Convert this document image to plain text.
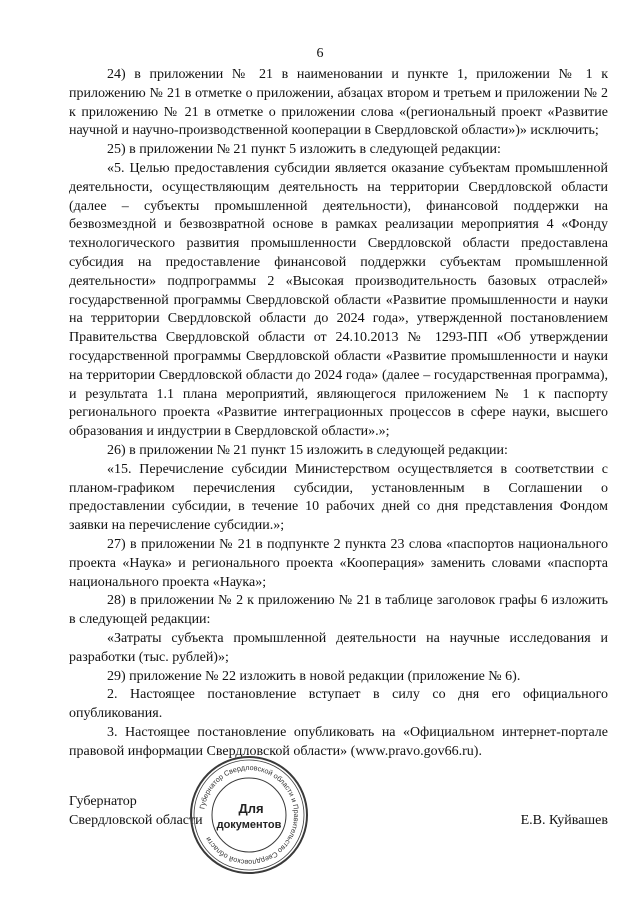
6

24) в приложении № 21 в наименовании и пункте 1, приложении № 1 к приложению № 21 в отметке о приложении, абзацах втором и третьем и приложении № 2 к приложению № 21 в отметке о приложении слова «(региональный проект «Развитие научной и научно-производственной кооперации в Свердловской области»)» исключить;

25) в приложении № 21 пункт 5 изложить в следующей редакции:

«5. Целью предоставления субсидии является оказание субъектам промышленной деятельности, осуществляющим деятельность на территории Свердловской области (далее – субъекты промышленной деятельности), финансовой поддержки на безвозмездной и безвозвратной основе в рамках реализации мероприятия 4 «Фонду технологического развития промышленности Свердловской области предоставлена субсидия на предоставление финансовой поддержки субъектам промышленной деятельности» подпрограммы 2 «Высокая производительность базовых отраслей» государственной программы Свердловской области «Развитие промышленности и науки на территории Свердловской области до 2024 года», утвержденной постановлением Правительства Свердловской области от 24.10.2013 № 1293-ПП «Об утверждении государственной программы Свердловской области «Развитие промышленности и науки на территории Свердловской области до 2024 года» (далее – государственная программа), и результата 1.1 плана мероприятий, являющегося приложением № 1 к паспорту регионального проекта «Развитие интеграционных процессов в сфере науки, высшего образования и индустрии в Свердловской области».»;

26) в приложении № 21 пункт 15 изложить в следующей редакции:

«15. Перечисление субсидии Министерством осуществляется в соответствии с планом-графиком перечисления субсидии, установленным в Соглашении о предоставлении субсидии, в течение 10 рабочих дней со дня представления Фондом заявки на перечисление субсидии.»;

27) в приложении № 21 в подпункте 2 пункта 23 слова «паспортов национального проекта «Наука» и регионального проекта «Кооперация» заменить словами «паспорта национального проекта «Наука»;

28) в приложении № 2 к приложению № 21 в таблице заголовок графы 6 изложить в следующей редакции:

«Затраты субъекта промышленной деятельности на научные исследования и разработки (тыс. рублей)»;

29) приложение № 22 изложить в новой редакции (приложение № 6).

2. Настоящее постановление вступает в силу со дня его официального опубликования.

3. Настоящее постановление опубликовать на «Официальном интернет-портале правовой информации Свердловской области» (www.pravo.gov66.ru).

Губернатор
Свердловской области	Е.В. Куйвашев
Губернатор Свердловской области и Правительство Свердловской области
Для
документов
